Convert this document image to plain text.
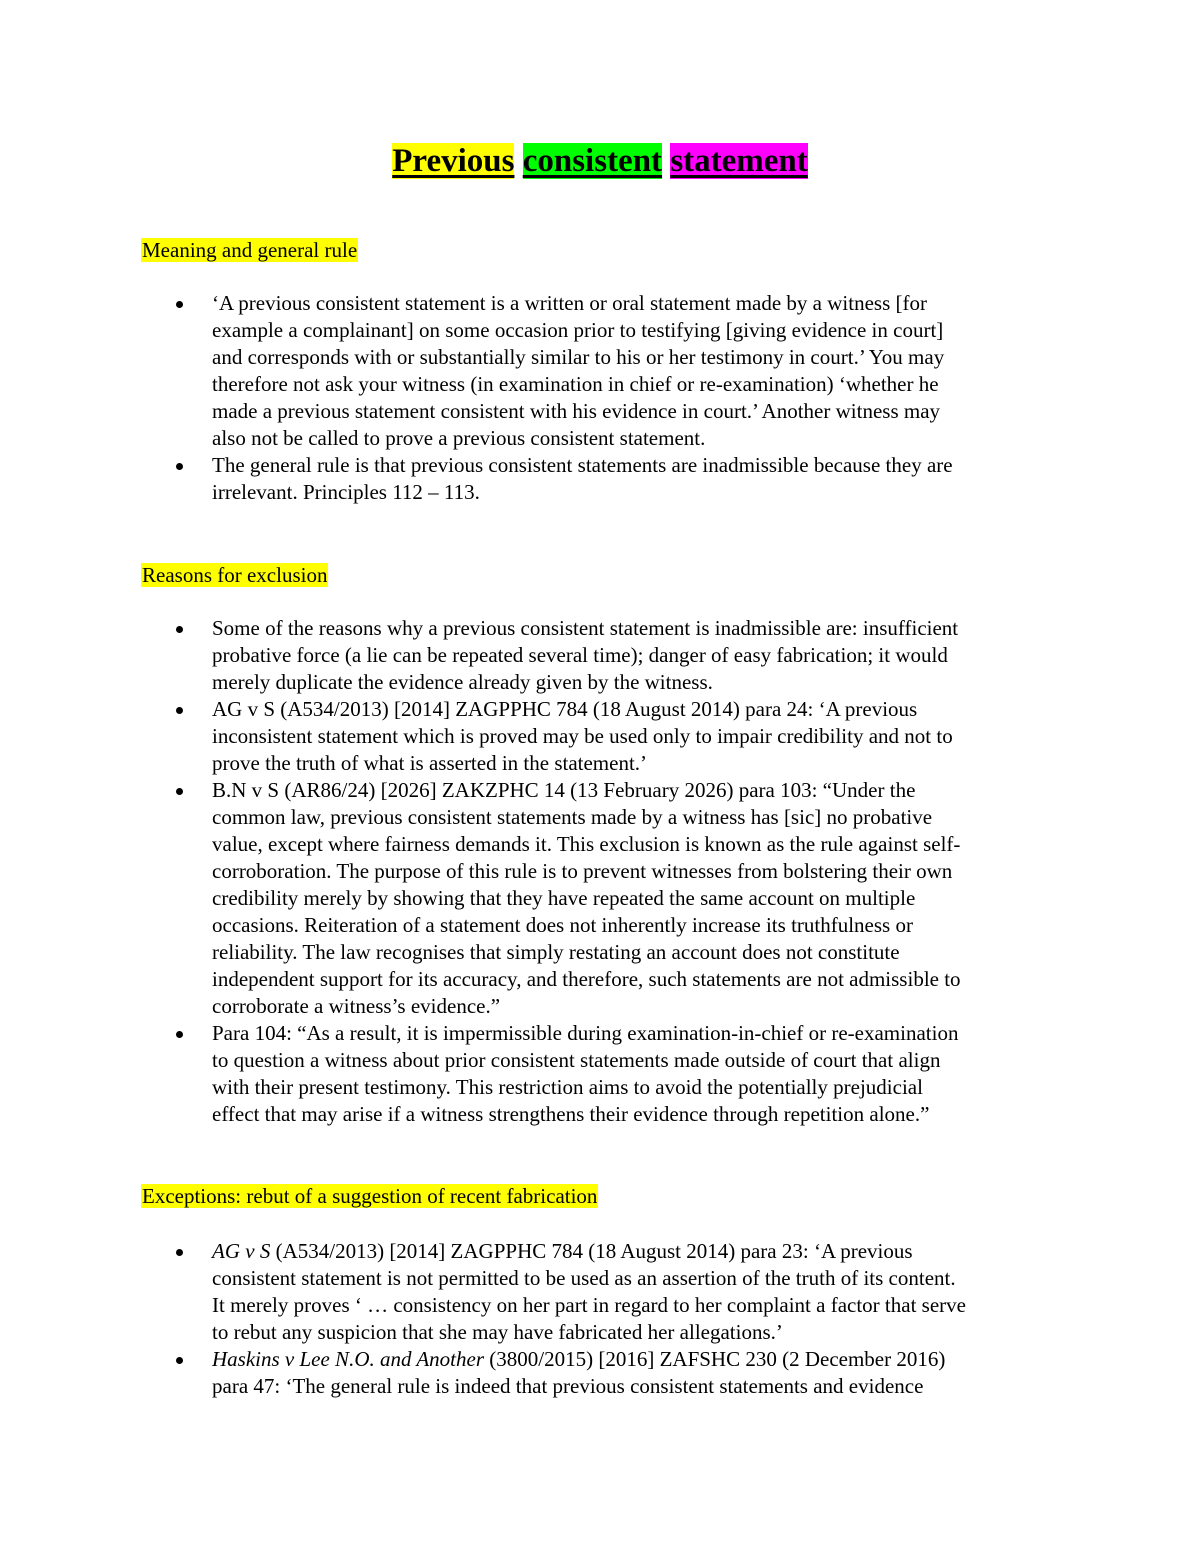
Previous consistent statement

Meaning and general rule

‘A previous consistent statement is a written or oral statement made by a witness [for
example a complainant] on some occasion prior to testifying [giving evidence in court]
and corresponds with or substantially similar to his or her testimony in court.’ You may
therefore not ask your witness (in examination in chief or re-examination) ‘whether he
made a previous statement consistent with his evidence in court.’ Another witness may
also not be called to prove a previous consistent statement.
The general rule is that previous consistent statements are inadmissible because they are
irrelevant. Principles 112 – 113.

Reasons for exclusion

Some of the reasons why a previous consistent statement is inadmissible are: insufficient
probative force (a lie can be repeated several time); danger of easy fabrication; it would
merely duplicate the evidence already given by the witness.
AG v S (A534/2013) [2014] ZAGPPHC 784 (18 August 2014) para 24: ‘A previous
inconsistent statement which is proved may be used only to impair credibility and not to
prove the truth of what is asserted in the statement.’
B.N v S (AR86/24) [2026] ZAKZPHC 14 (13 February 2026) para 103: “Under the
common law, previous consistent statements made by a witness has [sic] no probative
value, except where fairness demands it. This exclusion is known as the rule against self-
corroboration. The purpose of this rule is to prevent witnesses from bolstering their own
credibility merely by showing that they have repeated the same account on multiple
occasions. Reiteration of a statement does not inherently increase its truthfulness or
reliability. The law recognises that simply restating an account does not constitute
independent support for its accuracy, and therefore, such statements are not admissible to
corroborate a witness’s evidence.”
Para 104: “As a result, it is impermissible during examination-in-chief or re-examination
to question a witness about prior consistent statements made outside of court that align
with their present testimony. This restriction aims to avoid the potentially prejudicial
effect that may arise if a witness strengthens their evidence through repetition alone.”

Exceptions: rebut of a suggestion of recent fabrication

AG v S (A534/2013) [2014] ZAGPPHC 784 (18 August 2014) para 23: ‘A previous
consistent statement is not permitted to be used as an assertion of the truth of its content.
It merely proves ‘ … consistency on her part in regard to her complaint a factor that serve
to rebut any suspicion that she may have fabricated her allegations.’
Haskins v Lee N.O. and Another (3800/2015) [2016] ZAFSHC 230 (2 December 2016)
para 47: ‘The general rule is indeed that previous consistent statements and evidence
